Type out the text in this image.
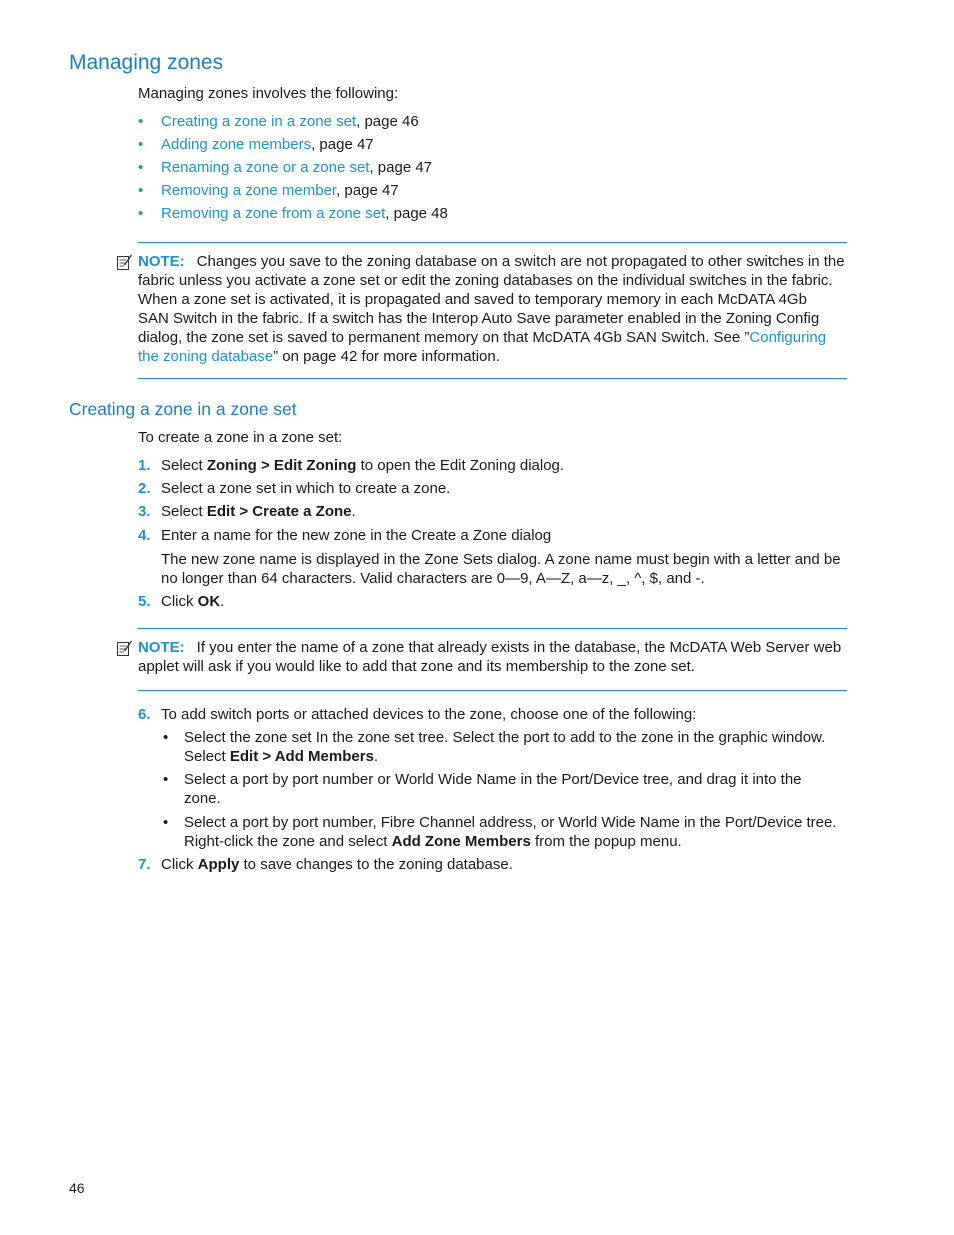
Managing zones
Managing zones involves the following:
• Creating a zone in a zone set, page 46
• Adding zone members, page 47
• Renaming a zone or a zone set, page 47
• Removing a zone member, page 47
• Removing a zone from a zone set, page 48
NOTE: Changes you save to the zoning database on a switch are not propagated to other switches in the
fabric unless you activate a zone set or edit the zoning databases on the individual switches in the fabric.
When a zone set is activated, it is propagated and saved to temporary memory in each McDATA 4Gb
SAN Switch in the fabric. If a switch has the Interop Auto Save parameter enabled in the Zoning Config
dialog, the zone set is saved to permanent memory on that McDATA 4Gb SAN Switch. See ”Configuring
the zoning database” on page 42 for more information.
Creating a zone in a zone set
To create a zone in a zone set:
1. Select Zoning > Edit Zoning to open the Edit Zoning dialog.
2. Select a zone set in which to create a zone.
3. Select Edit > Create a Zone.
4. Enter a name for the new zone in the Create a Zone dialog
The new zone name is displayed in the Zone Sets dialog. A zone name must begin with a letter and be
no longer than 64 characters. Valid characters are 0—9, A—Z, a—z, _, ^, $, and -.
5. Click OK.
NOTE: If you enter the name of a zone that already exists in the database, the McDATA Web Server web
applet will ask if you would like to add that zone and its membership to the zone set.
6. To add switch ports or attached devices to the zone, choose one of the following:
• Select the zone set In the zone set tree. Select the port to add to the zone in the graphic window.
Select Edit > Add Members.
• Select a port by port number or World Wide Name in the Port/Device tree, and drag it into the
zone.
• Select a port by port number, Fibre Channel address, or World Wide Name in the Port/Device tree.
Right-click the zone and select Add Zone Members from the popup menu.
7. Click Apply to save changes to the zoning database.
46
